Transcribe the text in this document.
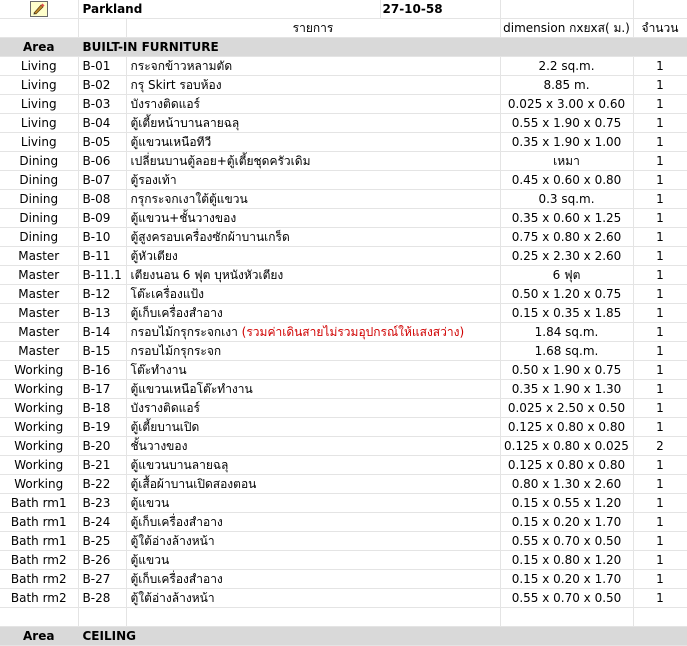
	Parkland		27-10-58		
		รายการ		dimension กxยxส( ม.)	จำนวน
Area	BUILT-IN FURNITURE				
Living	B-01	กระจกข้าวหลามตัด		2.2 sq.m.	1
Living	B-02	กรุ Skirt รอบห้อง		8.85 m.	1
Living	B-03	บังรางติดแอร์		0.025 x 3.00 x 0.60	1
Living	B-04	ตู้เตี้ยหน้าบานลายฉลุ		0.55 x 1.90 x 0.75	1
Living	B-05	ตู้แขวนเหนือทีวี		0.35 x 1.90 x 1.00	1
Dining	B-06	เปลี่ยนบานตู้ลอย+ตู้เตี้ยชุดครัวเดิม		เหมา	1
Dining	B-07	ตู้รองเท้า		0.45 x 0.60 x 0.80	1
Dining	B-08	กรุกระจกเงาใต้ตู้แขวน		0.3 sq.m.	1
Dining	B-09	ตู้แขวน+ชั้นวางของ		0.35 x 0.60 x 1.25	1
Dining	B-10	ตู้สูงครอบเครื่องซักผ้าบานเกร็ด		0.75 x 0.80 x 2.60	1
Master	B-11	ตู้หัวเตียง		0.25 x 2.30 x 2.60	1
Master	B-11.1	เตียงนอน 6 ฟุต บุหนังหัวเตียง		6 ฟุต	1
Master	B-12	โต๊ะเครื่องแป้ง		0.50 x 1.20 x 0.75	1
Master	B-13	ตู้เก็บเครื่องสำอาง		0.15 x 0.35 x 1.85	1
Master	B-14	กรอบไม้กรุกระจกเงา (รวมค่าเดินสายไม่รวมอุปกรณ์ให้แสงสว่าง)		1.84 sq.m.	1
Master	B-15	กรอบไม้กรุกระจก		1.68 sq.m.	1
Working	B-16	โต๊ะทำงาน		0.50 x 1.90 x 0.75	1
Working	B-17	ตู้แขวนเหนือโต๊ะทำงาน		0.35 x 1.90 x 1.30	1
Working	B-18	บังรางติดแอร์		0.025 x 2.50 x 0.50	1
Working	B-19	ตู้เตี้ยบานเปิด		0.125 x 0.80 x 0.80	1
Working	B-20	ชั้นวางของ		0.125 x 0.80 x 0.025	2
Working	B-21	ตู้แขวนบานลายฉลุ		0.125 x 0.80 x 0.80	1
Working	B-22	ตู้เสื้อผ้าบานเปิดสองตอน		0.80 x 1.30 x 2.60	1
Bath rm1	B-23	ตู้แขวน		0.15 x 0.55 x 1.20	1
Bath rm1	B-24	ตู้เก็บเครื่องสำอาง		0.15 x 0.20 x 1.70	1
Bath rm1	B-25	ตู้ใต้อ่างล้างหน้า		0.55 x 0.70 x 0.50	1
Bath rm2	B-26	ตู้แขวน		0.15 x 0.80 x 1.20	1
Bath rm2	B-27	ตู้เก็บเครื่องสำอาง		0.15 x 0.20 x 1.70	1
Bath rm2	B-28	ตู้ใต้อ่างล้างหน้า		0.55 x 0.70 x 0.50	1

Area	CEILING				
